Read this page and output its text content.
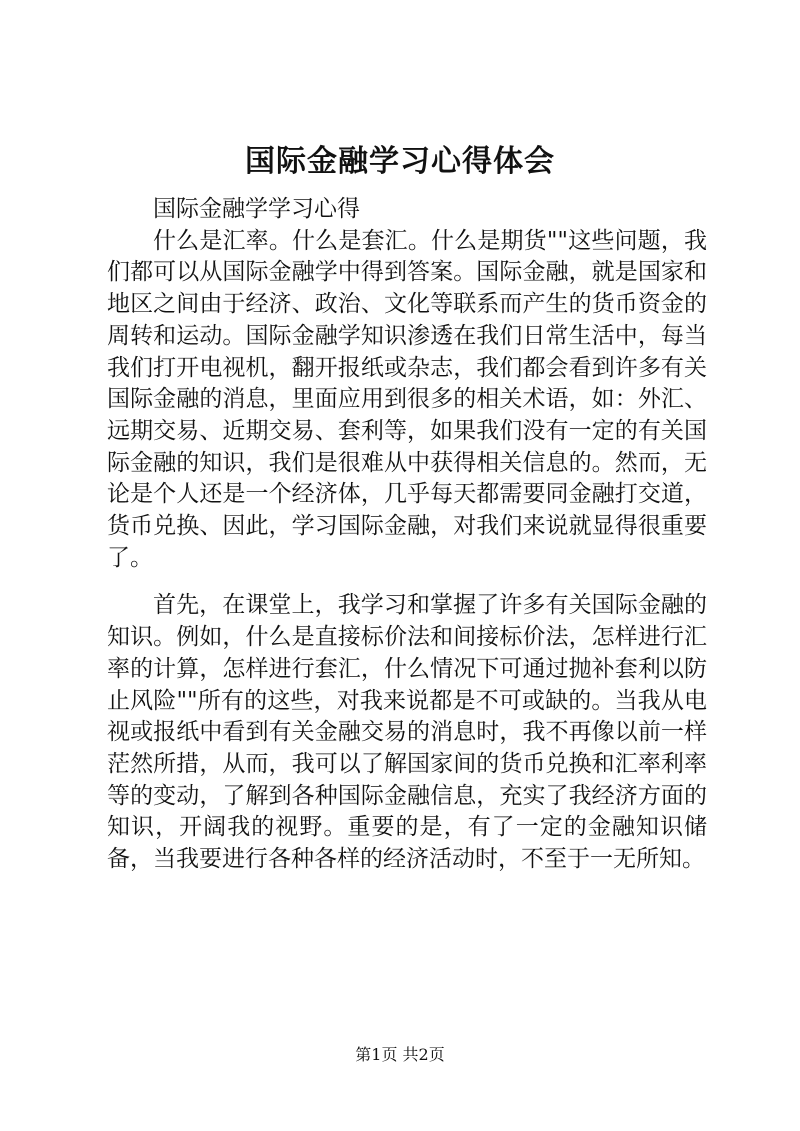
国际金融学习心得体会
国际金融学学习心得

什么是汇率。什么是套汇。什么是期货""这些问题，我们都可以从国际金融学中得到答案。国际金融，就是国家和地区之间由于经济、政治、文化等联系而产生的货币资金的周转和运动。国际金融学知识渗透在我们日常生活中，每当我们打开电视机，翻开报纸或杂志，我们都会看到许多有关国际金融的消息，里面应用到很多的相关术语，如：外汇、远期交易、近期交易、套利等，如果我们没有一定的有关国际金融的知识，我们是很难从中获得相关信息的。然而，无论是个人还是一个经济体，几乎每天都需要同金融打交道，货币兑换、因此，学习国际金融，对我们来说就显得很重要了。

首先，在课堂上，我学习和掌握了许多有关国际金融的知识。例如，什么是直接标价法和间接标价法，怎样进行汇率的计算，怎样进行套汇，什么情况下可通过抛补套利以防止风险""所有的这些，对我来说都是不可或缺的。当我从电视或报纸中看到有关金融交易的消息时，我不再像以前一样茫然所措，从而，我可以了解国家间的货币兑换和汇率利率等的变动，了解到各种国际金融信息，充实了我经济方面的知识，开阔我的视野。重要的是，有了一定的金融知识储备，当我要进行各种各样的经济活动时，不至于一无所知。

第1页 共2页
